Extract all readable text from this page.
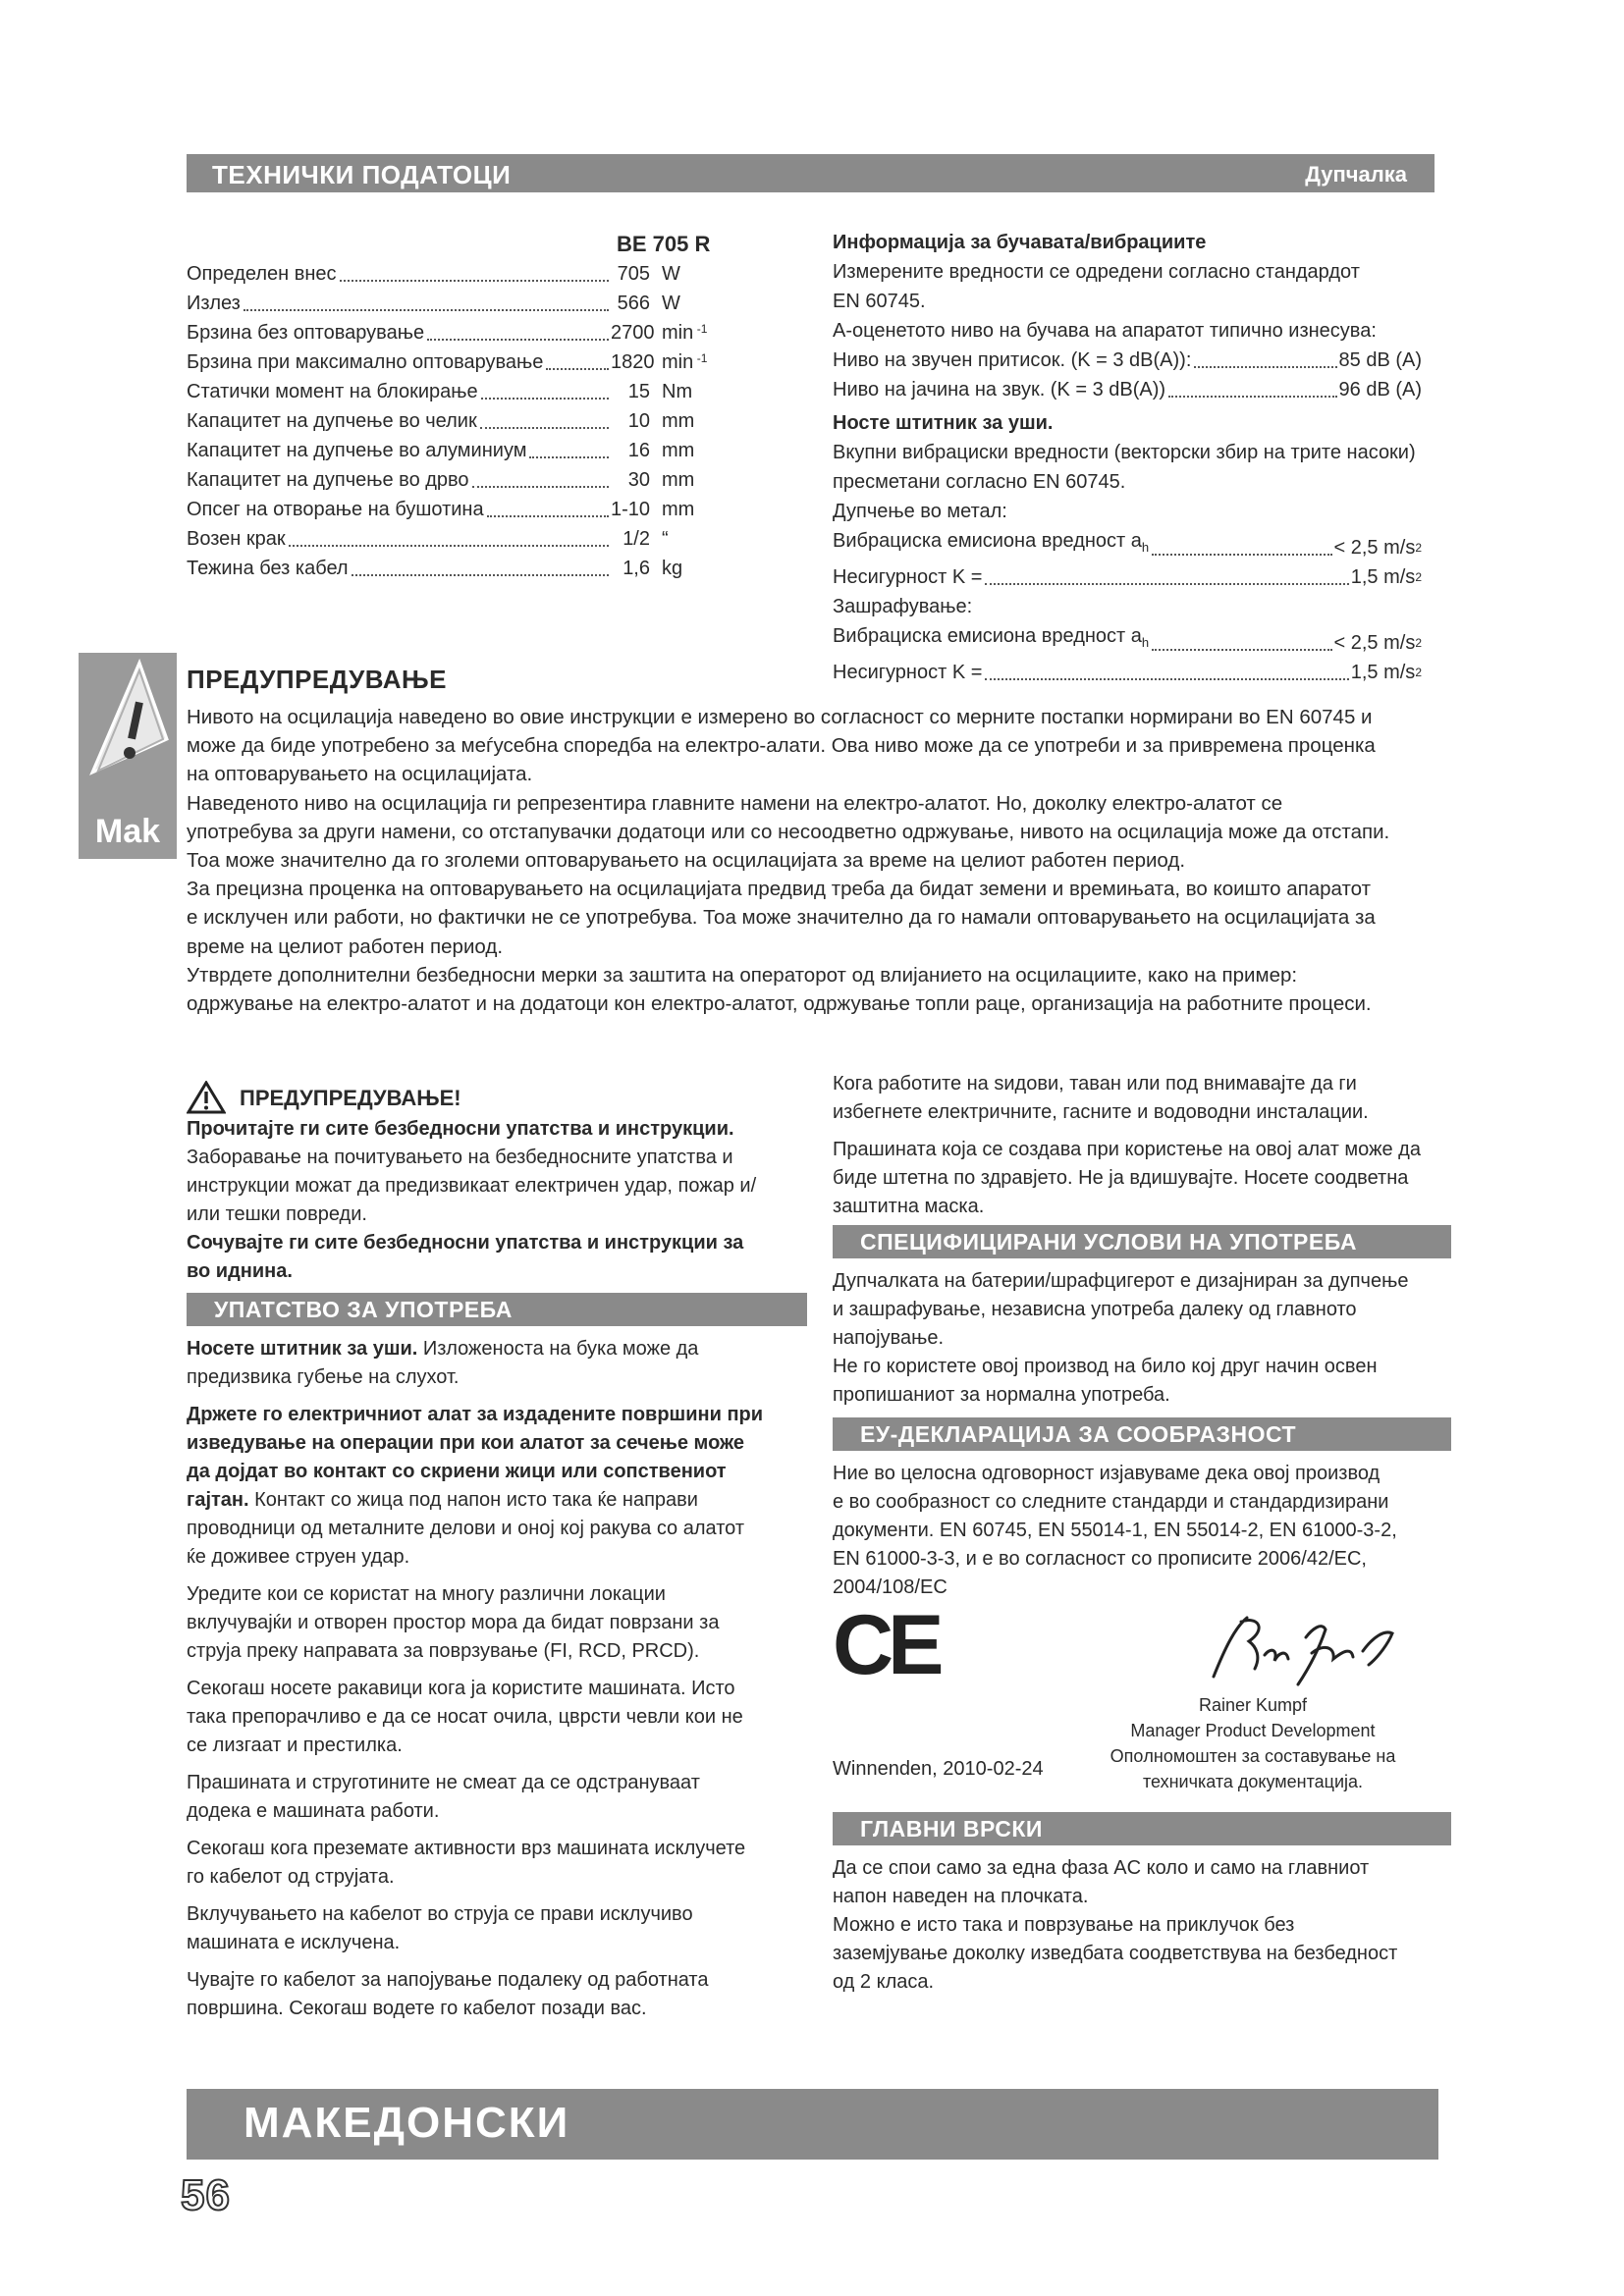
ТЕХНИЧКИ ПОДАТОЦИ	Дупчалка
BE 705 R
Определен внес	705 W
Излез	566 W
Брзина без оптоварување	2700 min $^{-1}$
Брзина при максимално оптоварување	1820 min $^{-1}$
Статички момент на блокирање	15 Nm
Капацитет на дупчење во челик	10 mm
Капацитет на дупчење во алуминиум	16 mm
Капацитет на дупчење во дрво	30 mm
Опсег на отворање на бушотина	1-10 mm
Возен крак	1/2 “
Тежина без кабел	1,6 kg
Информација за бучавата/вибрациите
Измерените вредности се одредени согласно стандардот
EN 60745.
A-оценетото ниво на бучава на апаратот типично изнесува:
Ниво на звучен притисок. (K = 3 dB(A)):	85 dB (A)
Ниво на јачина на звук. (K = 3 dB(A))	96 dB (A)
Носте штитник за уши.
Вкупни вибрациски вредности (векторски збир на трите насоки)
пресметани согласно EN 60745.
Дупчење во метал:
Вибрациска емисиона вредност $a_h$	< 2,5 m/s 2
Несигурност K =	1,5 m/s 2
Зашрафување:
Вибрациска емисиона вредност $a_h$	< 2,5 m/s 2
Несигурност K =	1,5 m/s 2
Mak
ПРЕДУПРЕДУВАЊЕ

Нивото на осцилација наведено во овие инструкции е измерено во согласност со мерните постапки нормирани во EN 60745 и

може да биде употребено за меѓусебна споредба на електро-алати. Ова ниво може да се употреби и за привремена проценка

на оптоварувањето на осцилацијата.

Наведеното ниво на осцилација ги репрезентира главните намени на електро-алатот. Но, доколку електро-алатот се

употребува за други намени, со отстапувачки додатоци или со несоодветно одржување, нивото на осцилација може да отстапи.

Тоа може значително да го зголеми оптоварувањето на осцилацијата за време на целиот работен период.

За прецизна проценка на оптоварувањето на осцилацијата предвид треба да бидат земени и времињата, во коишто апаратот

е исклучен или работи, но фактички не се употребува. Тоа може значително да го намали оптоварувањето на осцилацијата за

време на целиот работен период.

Утврдете дополнителни безбедносни мерки за заштита на операторот од влијанието на осцилациите, како на пример:

одржување на електро-алатот и на додатоци кон електро-алатот, одржување топли раце, организација на работните процеси.

ПРЕДУПРЕДУВАЊЕ!

Прочитајте ги сите безбедносни упатства и инструкции.

Заборавање на почитувањето на безбедносните упатства и

инструкции можат да предизвикаат електричен удар, пожар и/

или тешки повреди.

Сочувајте ги сите безбедносни упатства и инструкции за

во иднина.

УПАТСТВО ЗА УПОТРЕБА

Носете штитник за уши. Изложеноста на бука може да

предизвика губење на слухот.

Држете го електричниот алат за издадените површини при

изведување на операции при кои алатот за сечење може

да дојдат во контакт со скриени жици или сопствениот

гајтан. Контакт со жица под напон исто така ќе направи

проводници од металните делови и оној кој ракува со алатот

ќе доживее струен удар.

Уредите кои се користат на многу различни локации

вклучувајќи и отворен простор мора да бидат поврзани за

струја преку направата за поврзување (FI, RCD, PRCD).

Секогаш носете ракавици кога ја користите машината. Исто

така препорачливо е да се носат очила, цврсти чевли кои не

се лизгаат и престилка.

Прашината и струготините не смеат да се одстрануваат

додека е машината работи.

Секогаш кога преземате активности врз машината исклучете

го кабелот од струјата.

Вклучувањето на кабелот во струја се прави исклучиво

машината е исклучена.

Чувајте го кабелот за напојување подалеку од работната

површина. Секогаш водете го кабелот позади вас.

Кога работите на sидови, таван или под внимавајте да ги

избегнете електричните, гасните и водоводни инсталации.

Прашината која се создава при користење на овој алат може да

биде штетна по здравјето. Не ја вдишувајте. Носете соодветна

заштитна маска.

СПЕЦИФИЦИРАНИ УСЛОВИ НА УПОТРЕБА

Дупчалката на батерии/шрафцигерот е дизајниран за дупчење

и зашрафување, независна употреба далеку од главното

напојување.

Не го користете овој производ на било кој друг начин освен

пропишаниот за нормална употреба.

ЕУ-ДЕКЛАРАЦИЈА ЗА СООБРАЗНОСТ

Ние во целосна одговорност изјавуваме дека овој производ

е во сообразност со следните стандарди и стандардизирани

документи. EN 60745, EN 55014-1, EN 55014-2, EN 61000-3-2,

EN 61000-3-3, и е во согласност со прописите 2006/42/EC,

2004/108/EC

CE
Winnenden, 2010-02-24
Rainer Kumpf
Manager Product Development
Опoлномоштен за составување на
техничката документација.
ГЛАВНИ ВРСКИ

Да се спои само за една фаза AC коло и само на главниот

напон наведен на плочката.

Можно е исто така и поврзување на приклучок без

заземјување доколку изведбата соодветствува на безбедност

од 2 класа.

МАКЕДОНСКИ
56
